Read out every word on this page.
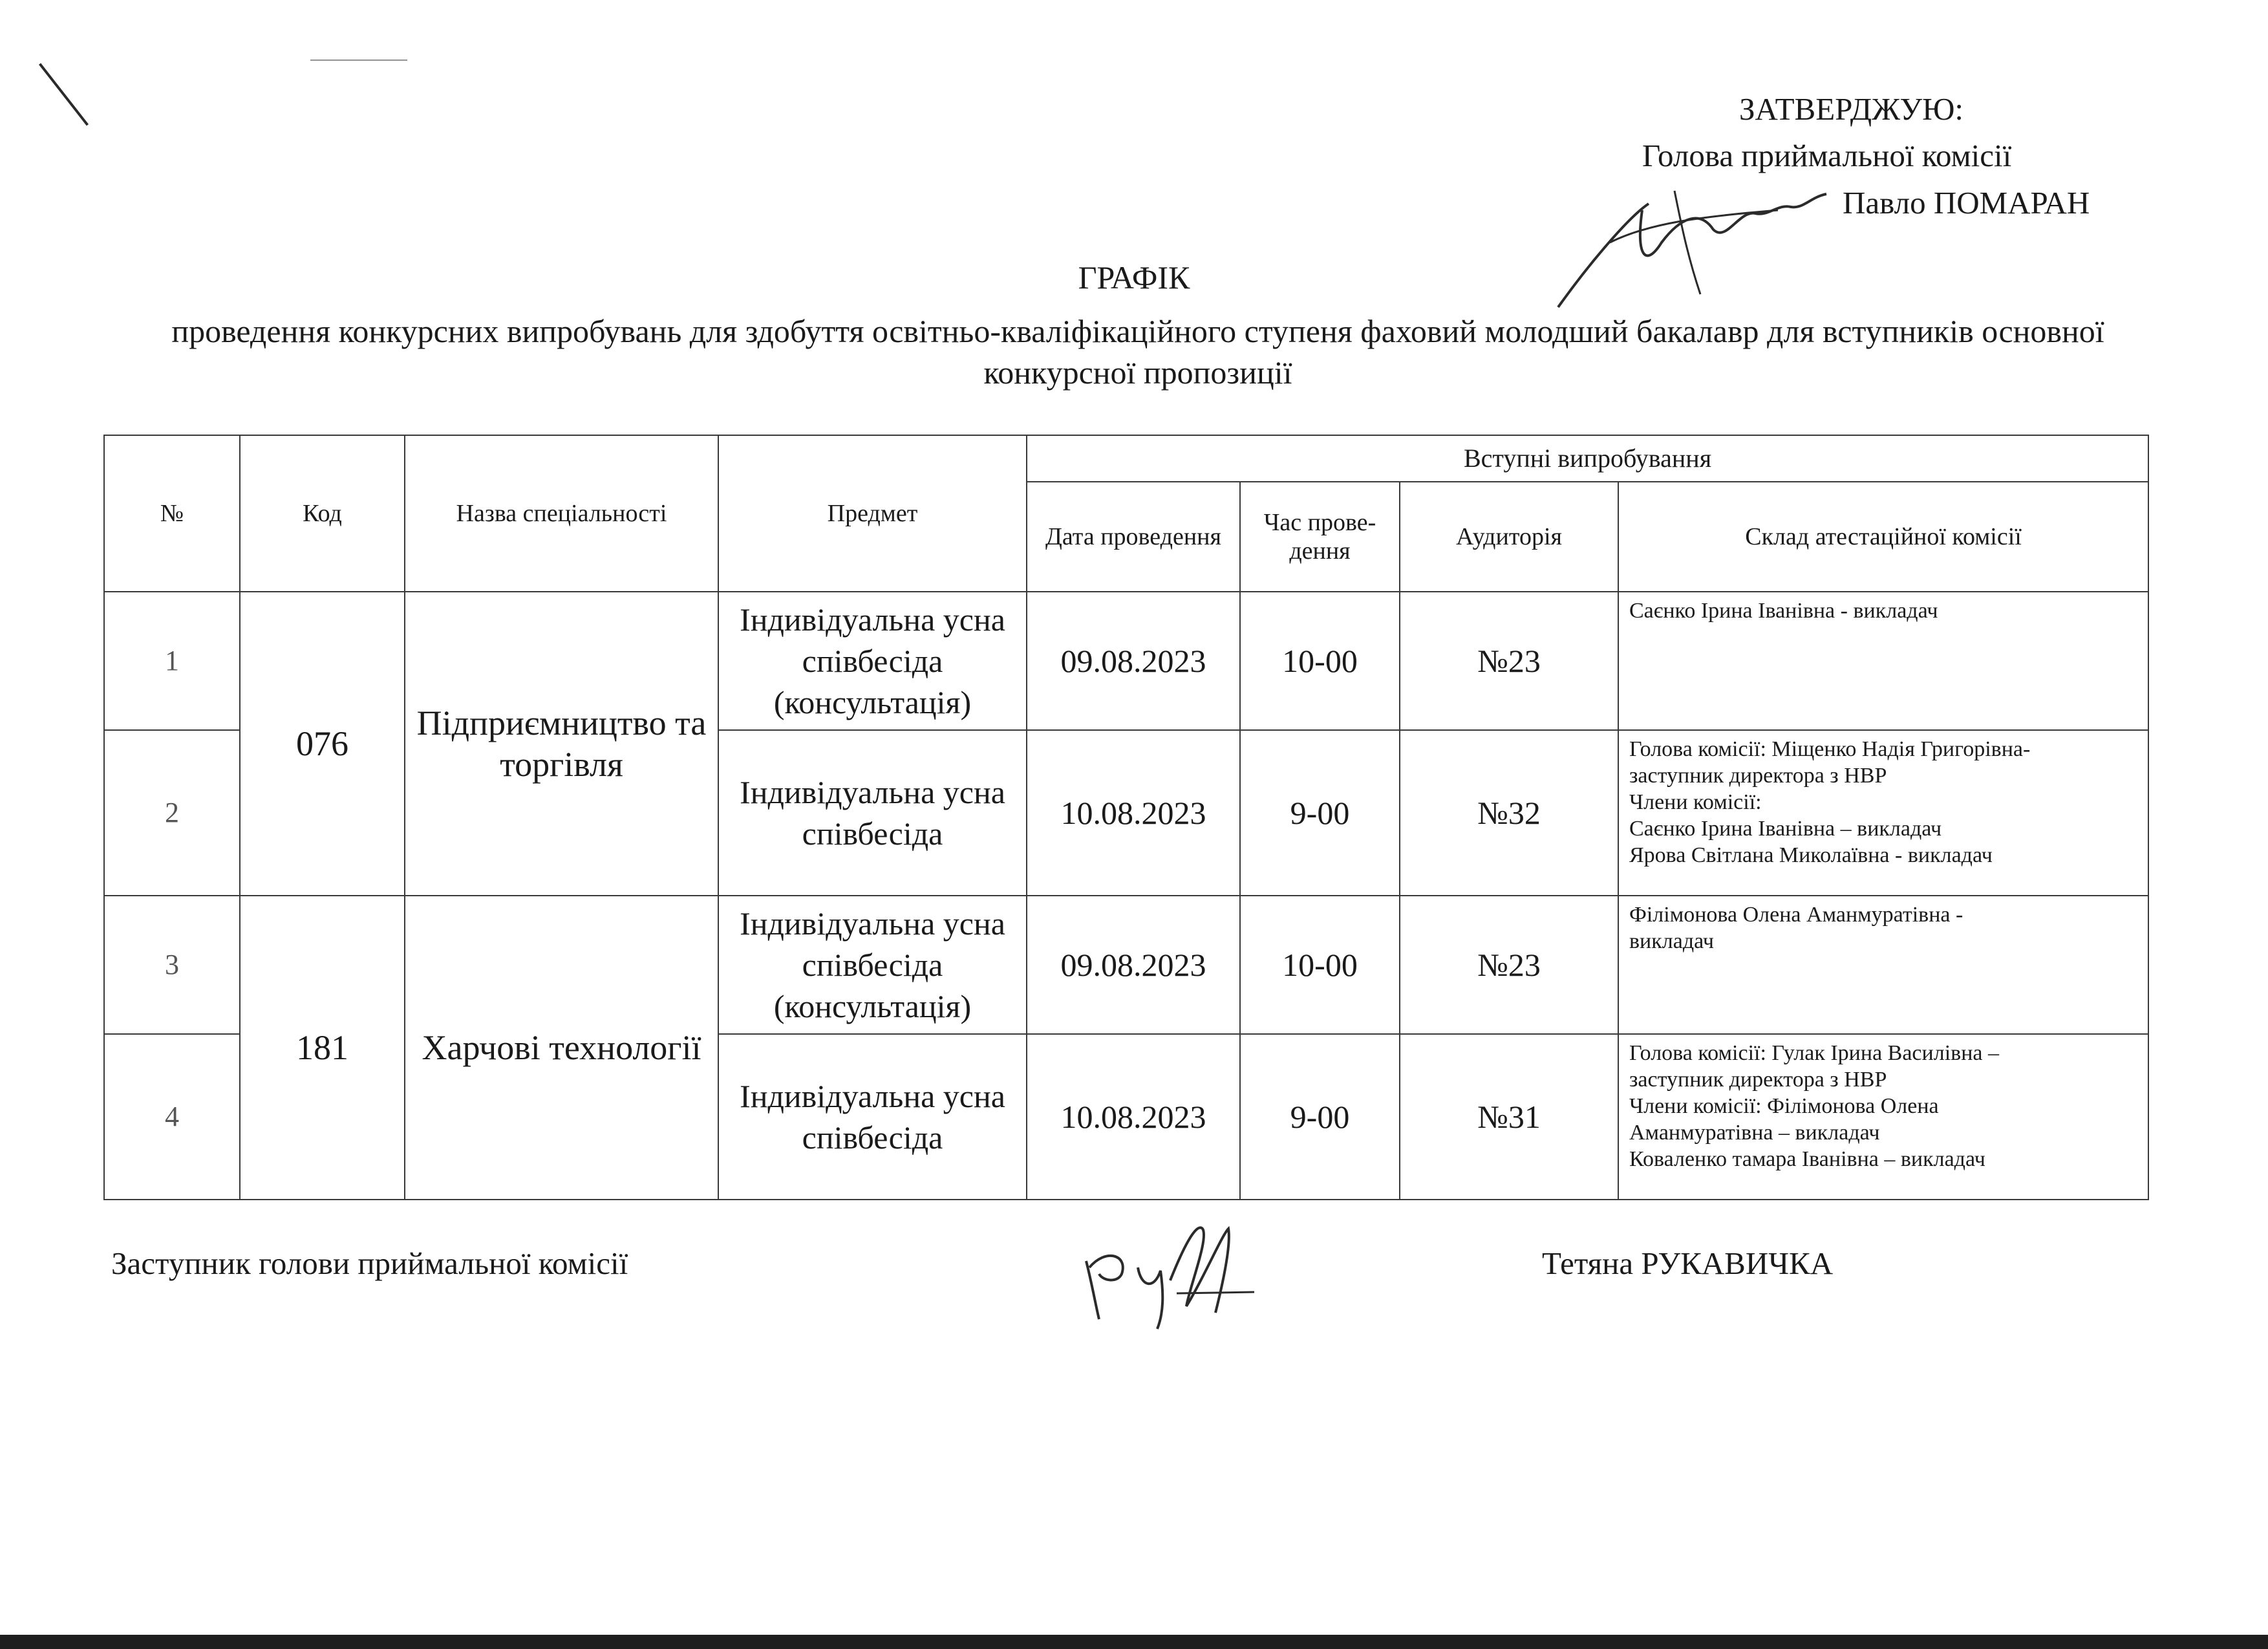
ЗАТВЕРДЖУЮ:
Голова приймальної комісії
Павло ПОМАРАН
ГРАФІК
проведення конкурсних випробувань для здобуття освітньо-кваліфікаційного ступеня фаховий молодший бакалавр для вступників основної конкурсної пропозиції
№	Код	Назва спеціальності	Предмет	Вступні випробування			
				Дата проведення	Час прове-дення	Аудиторія	Склад атестаційної комісії
1	076	Підприємництво та торгівля	Індивідуальна усна співбесіда (консультація)	09.08.2023	10-00	№23	Саєнко Ірина Іванівна - викладач

2			Індивідуальна усна співбесіда	10.08.2023	9-00	№32	Голова комісії: Міщенко Надія Григорівна-
заступник директора з НВР
Члени комісії:
Саєнко Ірина Іванівна – викладач
Ярова Світлана Миколаївна - викладач

3	181	Харчові технології	Індивідуальна усна співбесіда (консультація)	09.08.2023	10-00	№23	Філімонова Олена Аманмуратівна -
викладач

4			Індивідуальна усна співбесіда	10.08.2023	9-00	№31	Голова комісії: Гулак Ірина Василівна –
заступник директора з НВР
Члени комісії: Філімонова Олена
Аманмуратівна – викладач
Коваленко тамара Іванівна – викладач
Заступник голови приймальної комісії	Тетяна РУКАВИЧКА
